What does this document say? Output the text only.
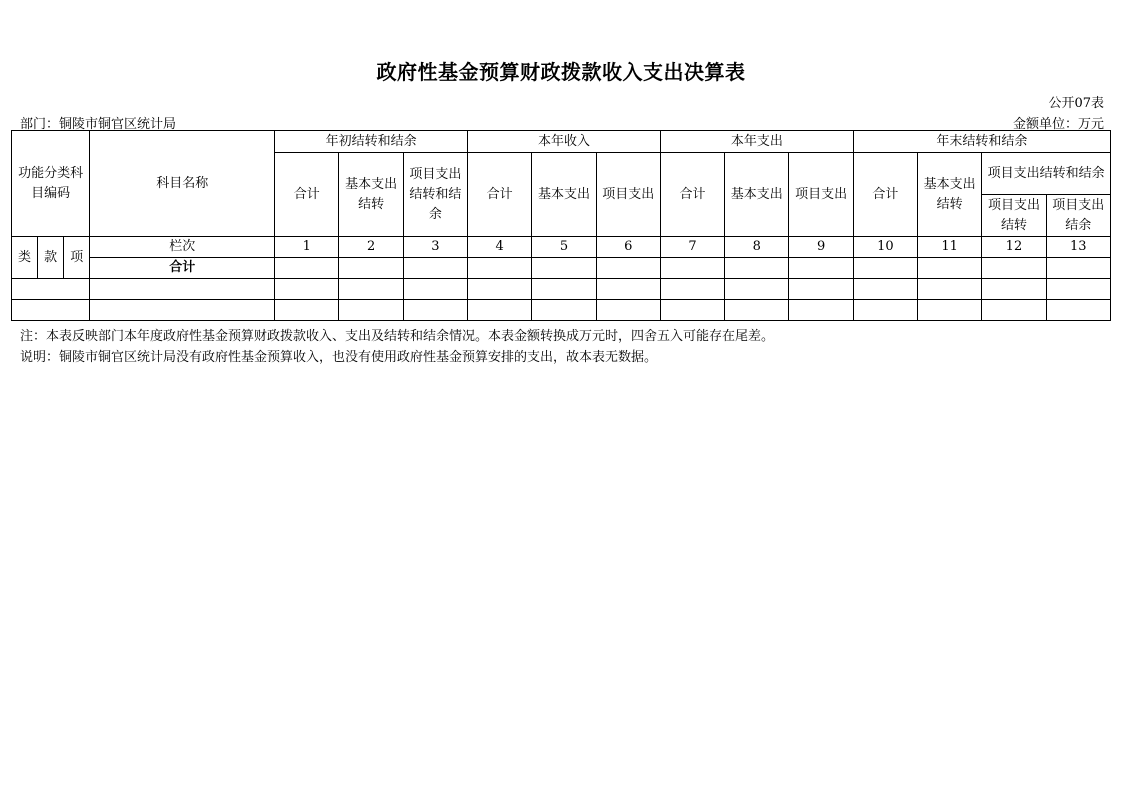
政府性基金预算财政拨款收入支出决算表
公开07表
部门：铜陵市铜官区统计局	金额单位：万元
功能分类科目编码			科目名称	年初结转和结余			本年收入			本年支出			年末结转和结余			
				合计	基本支出结转	项目支出结转和结余	合计	基本支出	项目支出	合计	基本支出	项目支出	合计	基本支出结转	项目支出结转和结余	
															项目支出结转	项目支出结余
类	款	项	栏次	1	2	3	4	5	6	7	8	9	10	11	12	13
			合计													

注：本表反映部门本年度政府性基金预算财政拨款收入、支出及结转和结余情况。本表金额转换成万元时，四舍五入可能存在尾差。
说明：铜陵市铜官区统计局没有政府性基金预算收入，也没有使用政府性基金预算安排的支出，故本表无数据。
